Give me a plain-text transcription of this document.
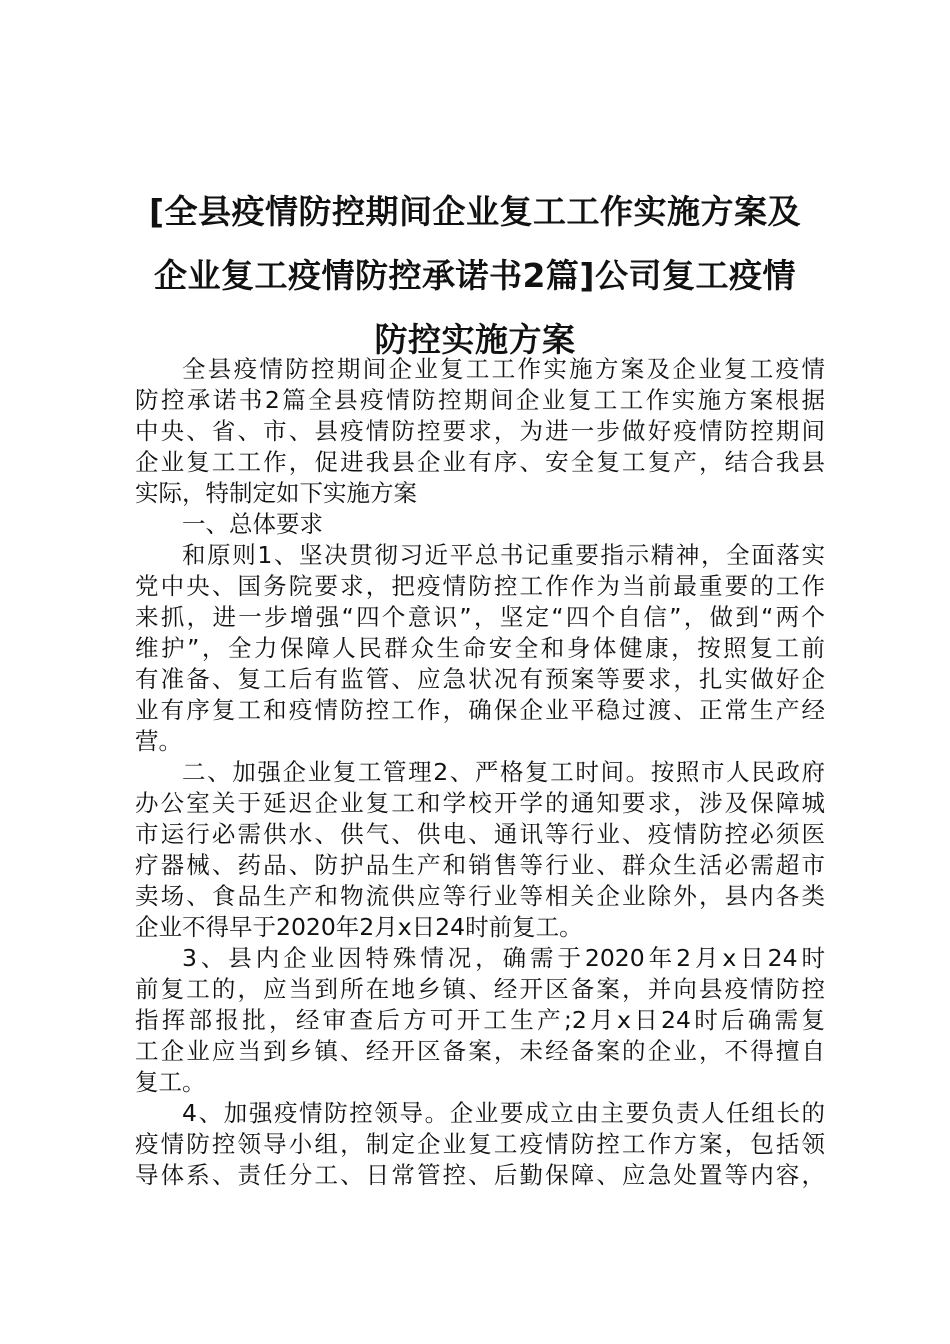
[全县疫情防控期间企业复工工作实施方案及
企业复工疫情防控承诺书2篇]公司复工疫情
防控实施方案
全县疫情防控期间企业复工工作实施方案及企业复工疫情
防控承诺书2篇全县疫情防控期间企业复工工作实施方案根据
中央、省、市、县疫情防控要求，为进一步做好疫情防控期间
企业复工工作，促进我县企业有序、安全复工复产，结合我县
实际，特制定如下实施方案
一、总体要求
和原则1、坚决贯彻习近平总书记重要指示精神，全面落实
党中央、国务院要求，把疫情防控工作作为当前最重要的工作
来抓，进一步增强“四个意识”，坚定“四个自信”，做到“两个
维护”，全力保障人民群众生命安全和身体健康，按照复工前
有准备、复工后有监管、应急状况有预案等要求，扎实做好企
业有序复工和疫情防控工作，确保企业平稳过渡、正常生产经
营。
二、加强企业复工管理2、严格复工时间。按照市人民政府
办公室关于延迟企业复工和学校开学的通知要求，涉及保障城
市运行必需供水、供气、供电、通讯等行业、疫情防控必须医
疗器械、药品、防护品生产和销售等行业、群众生活必需超市
卖场、食品生产和物流供应等行业等相关企业除外，县内各类
企业不得早于2020年2月x日24时前复工。
3、县内企业因特殊情况，确需于2020年2月x日24时
前复工的，应当到所在地乡镇、经开区备案，并向县疫情防控
指挥部报批，经审查后方可开工生产;2月x日24时后确需复
工企业应当到乡镇、经开区备案，未经备案的企业，不得擅自
复工。
4、加强疫情防控领导。企业要成立由主要负责人任组长的
疫情防控领导小组，制定企业复工疫情防控工作方案，包括领
导体系、责任分工、日常管控、后勤保障、应急处置等内容，
